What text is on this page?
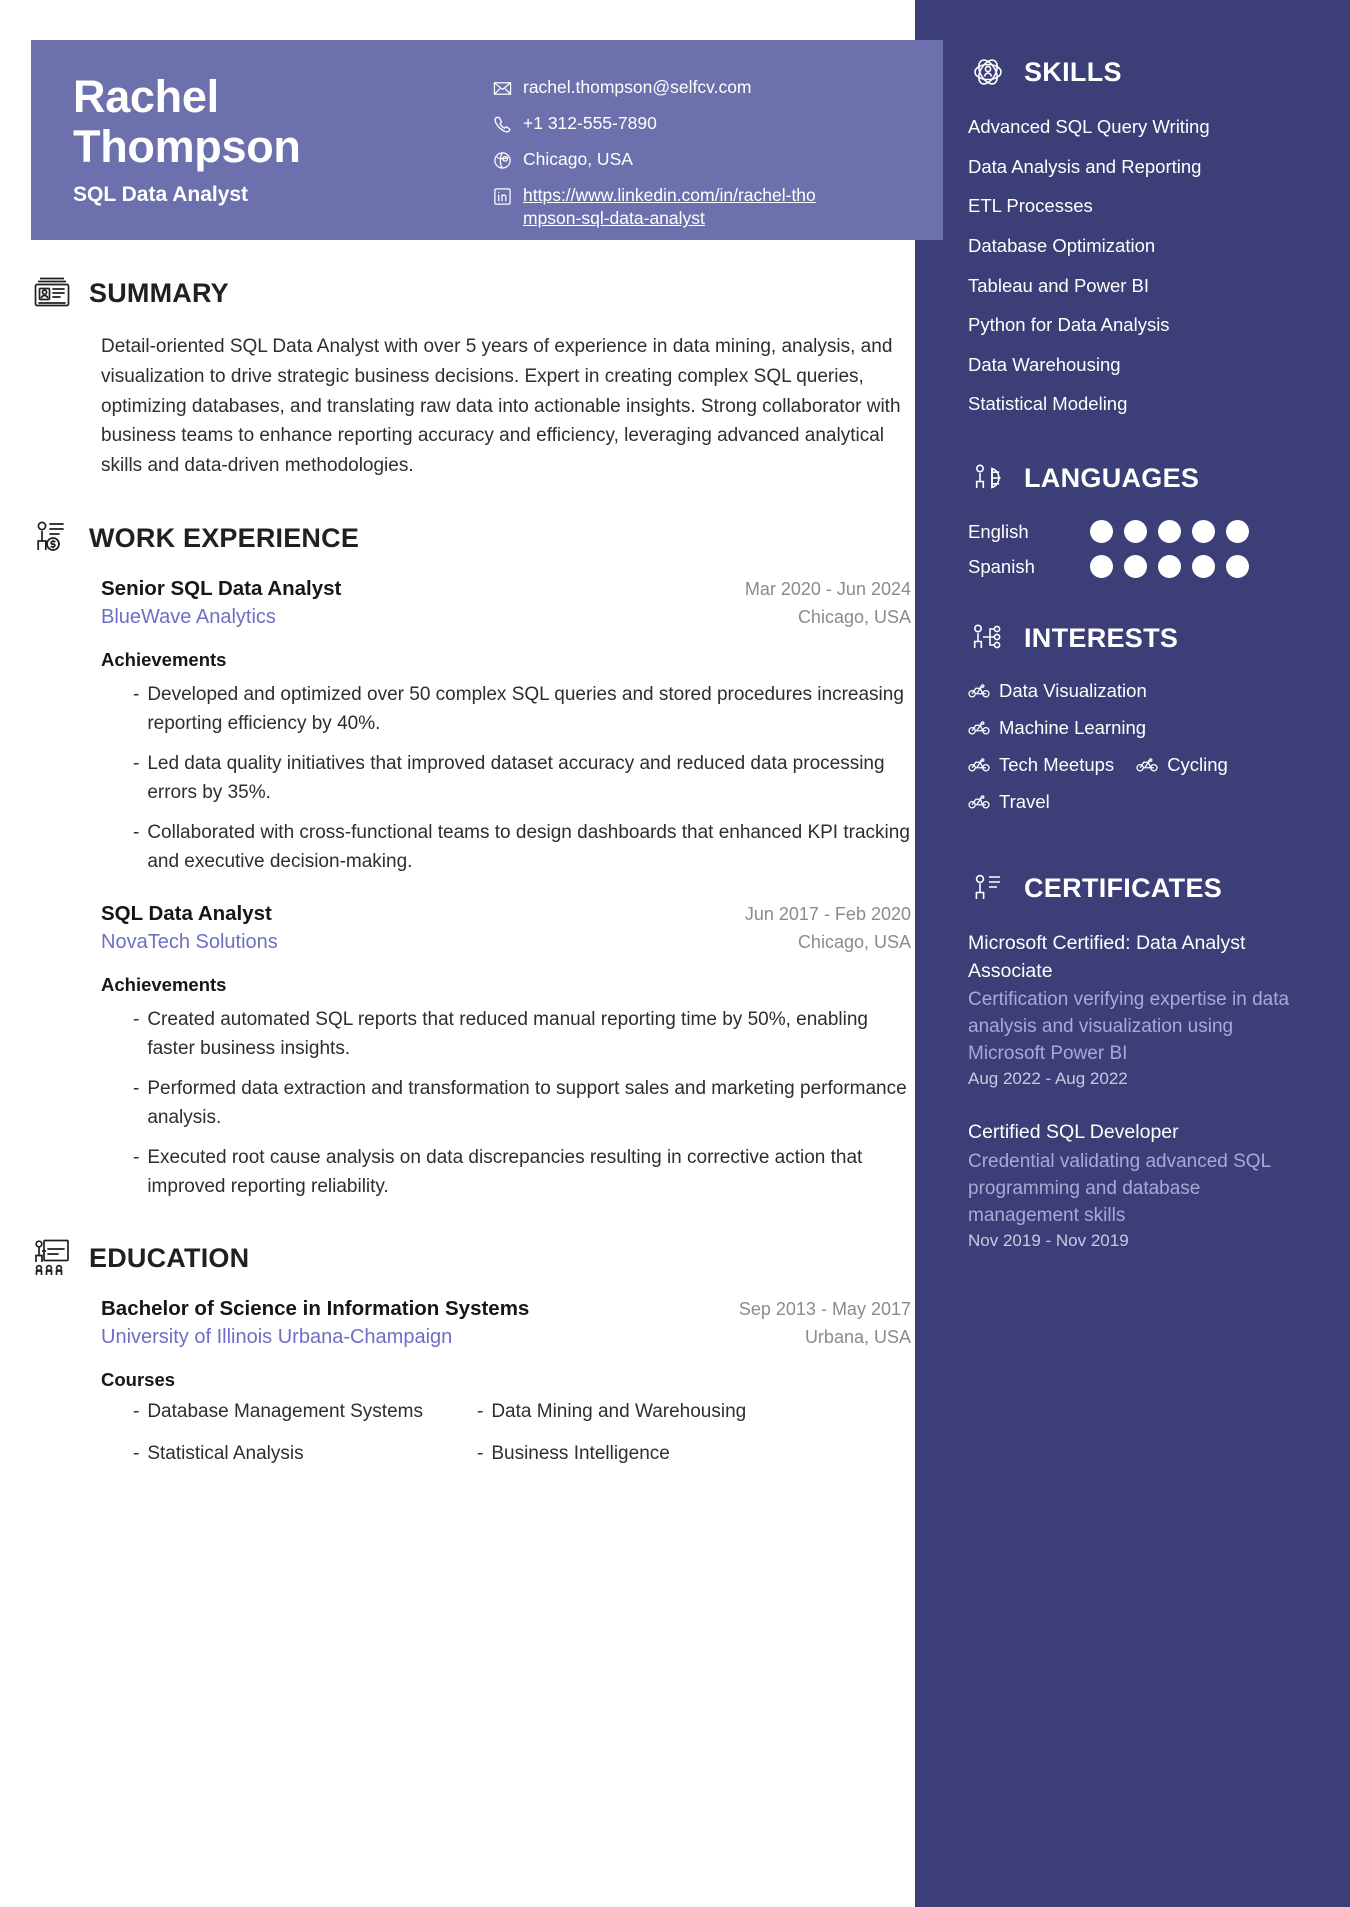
SKILLS
Advanced SQL Query Writing
Data Analysis and Reporting
ETL Processes
Database Optimization
Tableau and Power BI
Python for Data Analysis
Data Warehousing
Statistical Modeling
LANGUAGES
English
Spanish
INTERESTS
Data Visualization
Machine Learning
Tech Meetups	Cycling
Travel
CERTIFICATES
Microsoft Certified: Data Analyst Associate
Certification verifying expertise in data analysis and visualization using Microsoft Power BI
Aug 2022 - Aug 2022
Certified SQL Developer
Credential validating advanced SQL programming and database management skills
Nov 2019 - Nov 2019
Rachel
Thompson
SQL Data Analyst
rachel.thompson@selfcv.com
+1 312-555-7890
Chicago, USA
https://www.linkedin.com/in/rachel-thompson-sql-data-analyst
SUMMARY

Detail-oriented SQL Data Analyst with over 5 years of experience in data mining, analysis, and visualization to drive strategic business decisions. Expert in creating complex SQL queries, optimizing databases, and translating raw data into actionable insights. Strong collaborator with business teams to enhance reporting accuracy and efficiency, leveraging advanced analytical skills and data-driven methodologies.

WORK EXPERIENCE
Senior SQL Data Analyst	Mar 2020 - Jun 2024
BlueWave Analytics	Chicago, USA
Achievements
- Developed and optimized over 50 complex SQL queries and stored procedures increasing reporting efficiency by 40%.
- Led data quality initiatives that improved dataset accuracy and reduced data processing errors by 35%.
- Collaborated with cross-functional teams to design dashboards that enhanced KPI tracking and executive decision-making.
SQL Data Analyst	Jun 2017 - Feb 2020
NovaTech Solutions	Chicago, USA
Achievements
- Created automated SQL reports that reduced manual reporting time by 50%, enabling faster business insights.
- Performed data extraction and transformation to support sales and marketing performance analysis.
- Executed root cause analysis on data discrepancies resulting in corrective action that improved reporting reliability.
EDUCATION
Bachelor of Science in Information Systems	Sep 2013 - May 2017
University of Illinois Urbana-Champaign	Urbana, USA
Courses
- Database Management Systems	- Data Mining and Warehousing
- Statistical Analysis	- Business Intelligence
